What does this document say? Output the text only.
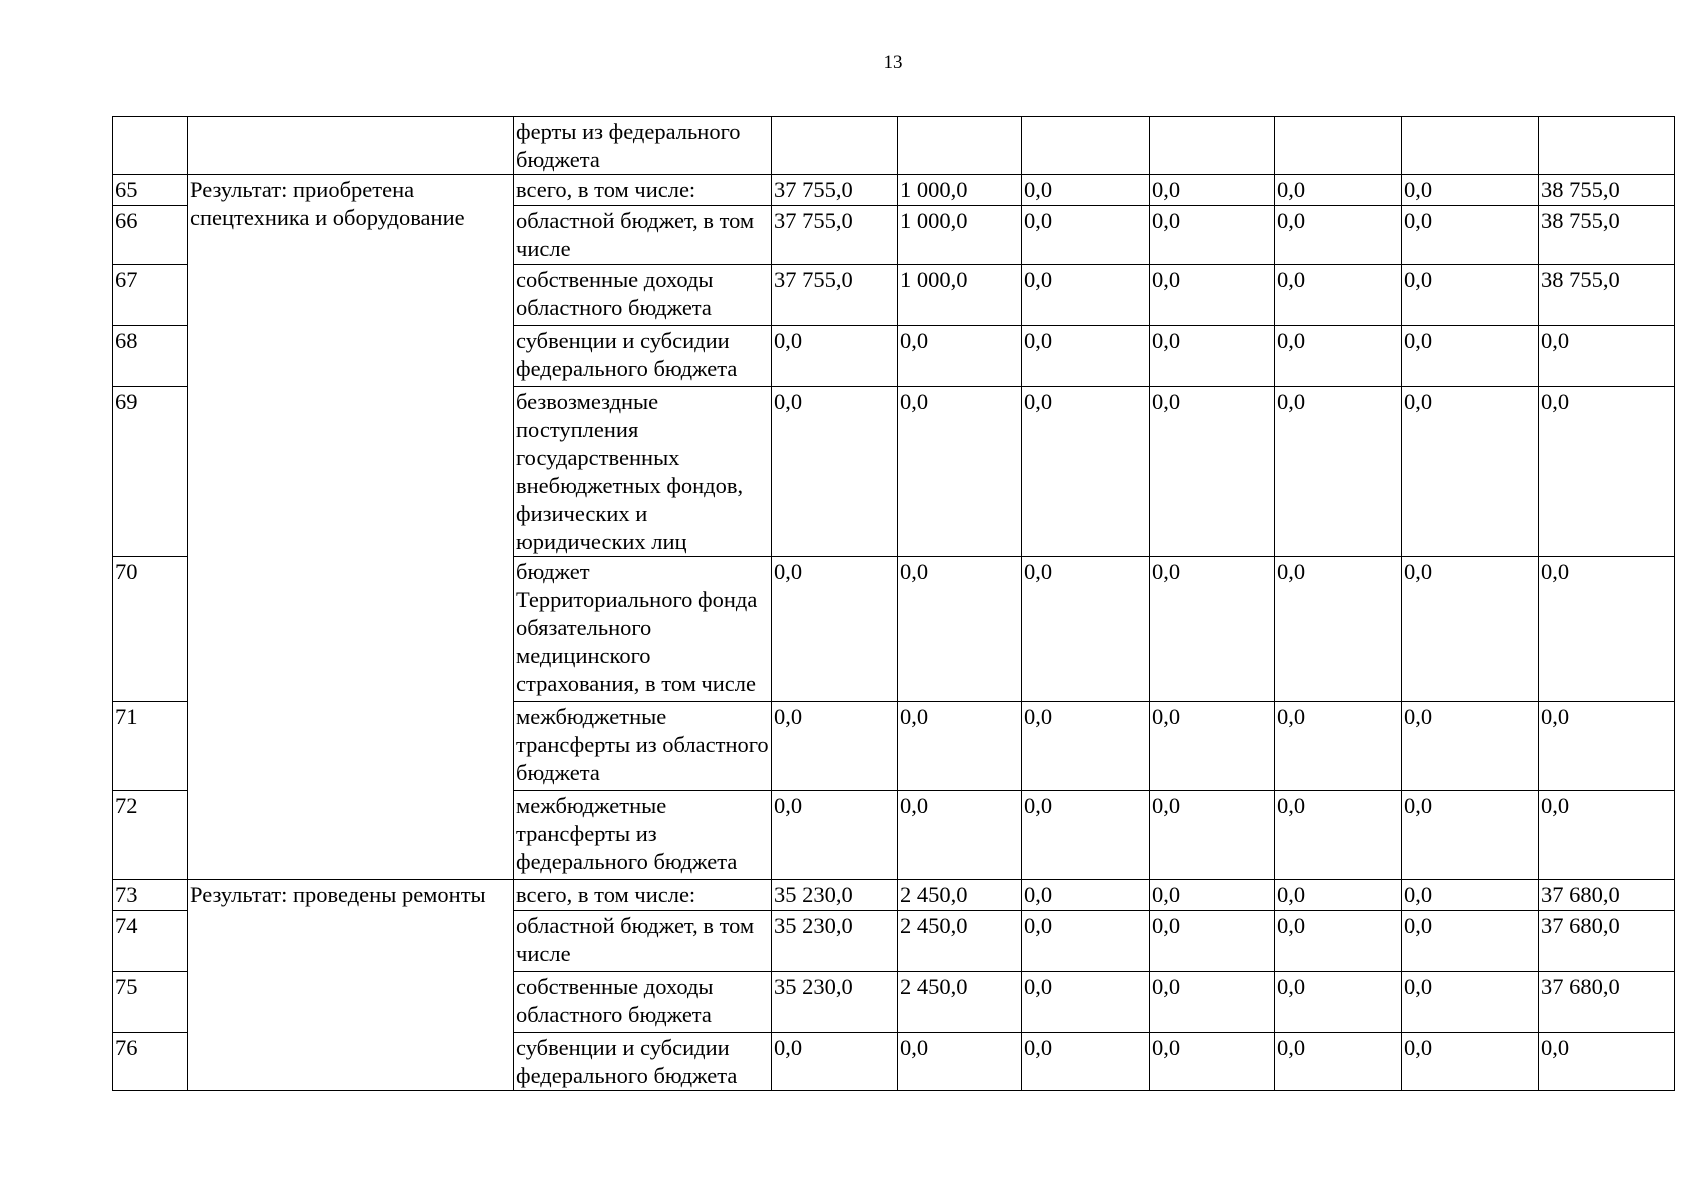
13
		ферты из федерального бюджета							
65	Результат: приобретена спецтехника и оборудование	всего, в том числе:	37 755,0	1 000,0	0,0	0,0	0,0	0,0	38 755,0
66		областной бюджет, в том числе	37 755,0	1 000,0	0,0	0,0	0,0	0,0	38 755,0
67		собственные доходы областного бюджета	37 755,0	1 000,0	0,0	0,0	0,0	0,0	38 755,0
68		субвенции и субсидии федерального бюджета	0,0	0,0	0,0	0,0	0,0	0,0	0,0
69		безвозмездные поступления государственных внебюджетных фондов, физических и юридических лиц	0,0	0,0	0,0	0,0	0,0	0,0	0,0
70		бюджет Территориального фонда обязательного медицинского страхования, в том числе	0,0	0,0	0,0	0,0	0,0	0,0	0,0
71		межбюджетные трансферты из областного бюджета	0,0	0,0	0,0	0,0	0,0	0,0	0,0
72		межбюджетные трансферты из федерального бюджета	0,0	0,0	0,0	0,0	0,0	0,0	0,0
73	Результат: проведены ремонты	всего, в том числе:	35 230,0	2 450,0	0,0	0,0	0,0	0,0	37 680,0
74		областной бюджет, в том числе	35 230,0	2 450,0	0,0	0,0	0,0	0,0	37 680,0
75		собственные доходы областного бюджета	35 230,0	2 450,0	0,0	0,0	0,0	0,0	37 680,0
76		субвенции и субсидии федерального бюджета	0,0	0,0	0,0	0,0	0,0	0,0	0,0
